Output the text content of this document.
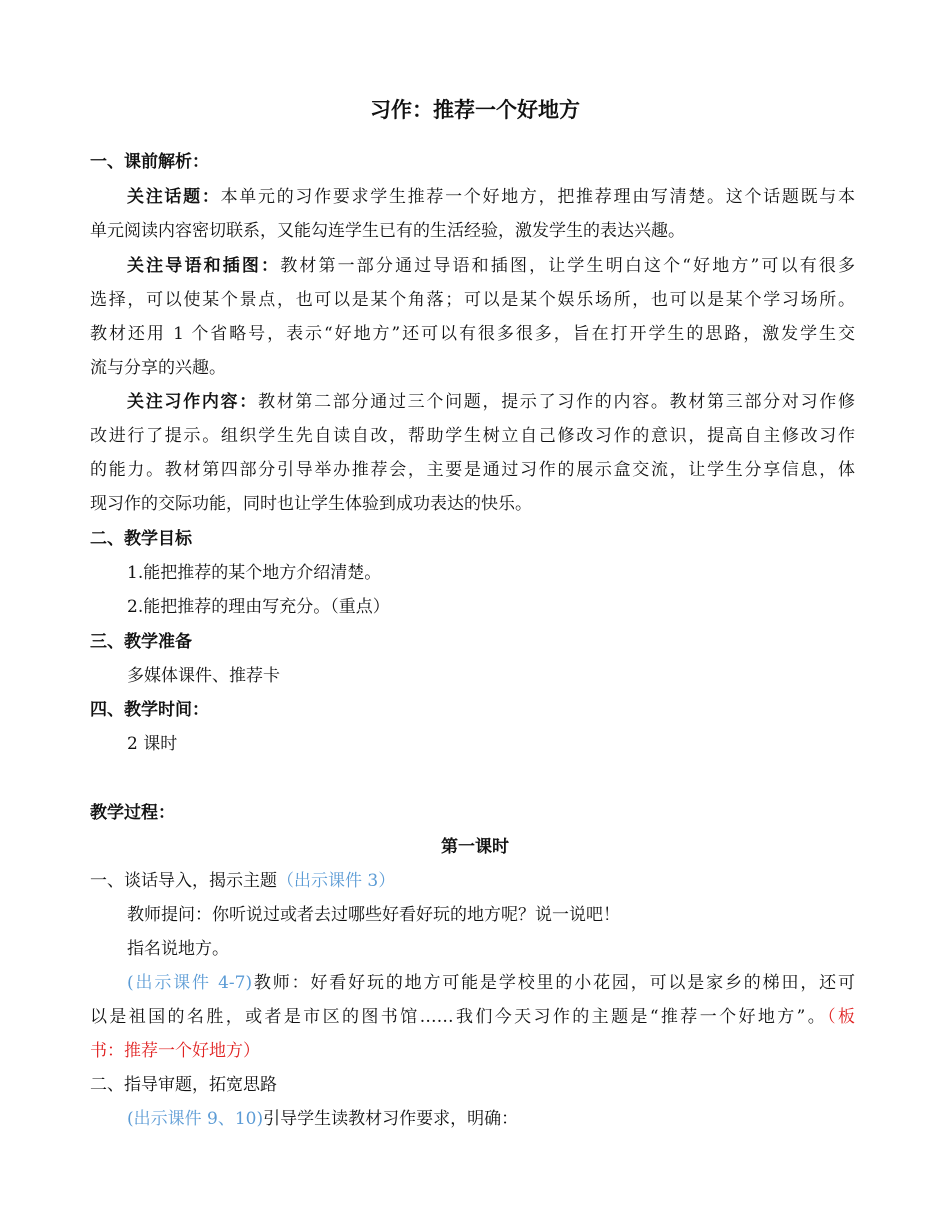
习作：推荐一个好地方
一、课前解析：
关注话题：本单元的习作要求学生推荐一个好地方，把推荐理由写清楚。这个话题既与本
单元阅读内容密切联系，又能勾连学生已有的生活经验，激发学生的表达兴趣。
关注导语和插图：教材第一部分通过导语和插图，让学生明白这个“好地方”可以有很多
选择，可以使某个景点，也可以是某个角落；可以是某个娱乐场所，也可以是某个学习场所。
教材还用 1 个省略号，表示“好地方”还可以有很多很多，旨在打开学生的思路，激发学生交
流与分享的兴趣。
关注习作内容：教材第二部分通过三个问题，提示了习作的内容。教材第三部分对习作修
改进行了提示。组织学生先自读自改，帮助学生树立自己修改习作的意识，提高自主修改习作
的能力。教材第四部分引导举办推荐会，主要是通过习作的展示盒交流，让学生分享信息，体
现习作的交际功能，同时也让学生体验到成功表达的快乐。
二、教学目标
1.能把推荐的某个地方介绍清楚。
2.能把推荐的理由写充分。（重点）
三、教学准备
多媒体课件、推荐卡
四、教学时间：
2 课时
教学过程：
第一课时
一、谈话导入，揭示主题（出示课件 3）
教师提问：你听说过或者去过哪些好看好玩的地方呢？说一说吧！
指名说地方。
(出示课件 4-7)教师：好看好玩的地方可能是学校里的小花园，可以是家乡的梯田，还可
以是祖国的名胜，或者是市区的图书馆……我们今天习作的主题是“推荐一个好地方”。（板
书：推荐一个好地方）
二、指导审题，拓宽思路
(出示课件 9、10)引导学生读教材习作要求，明确：
